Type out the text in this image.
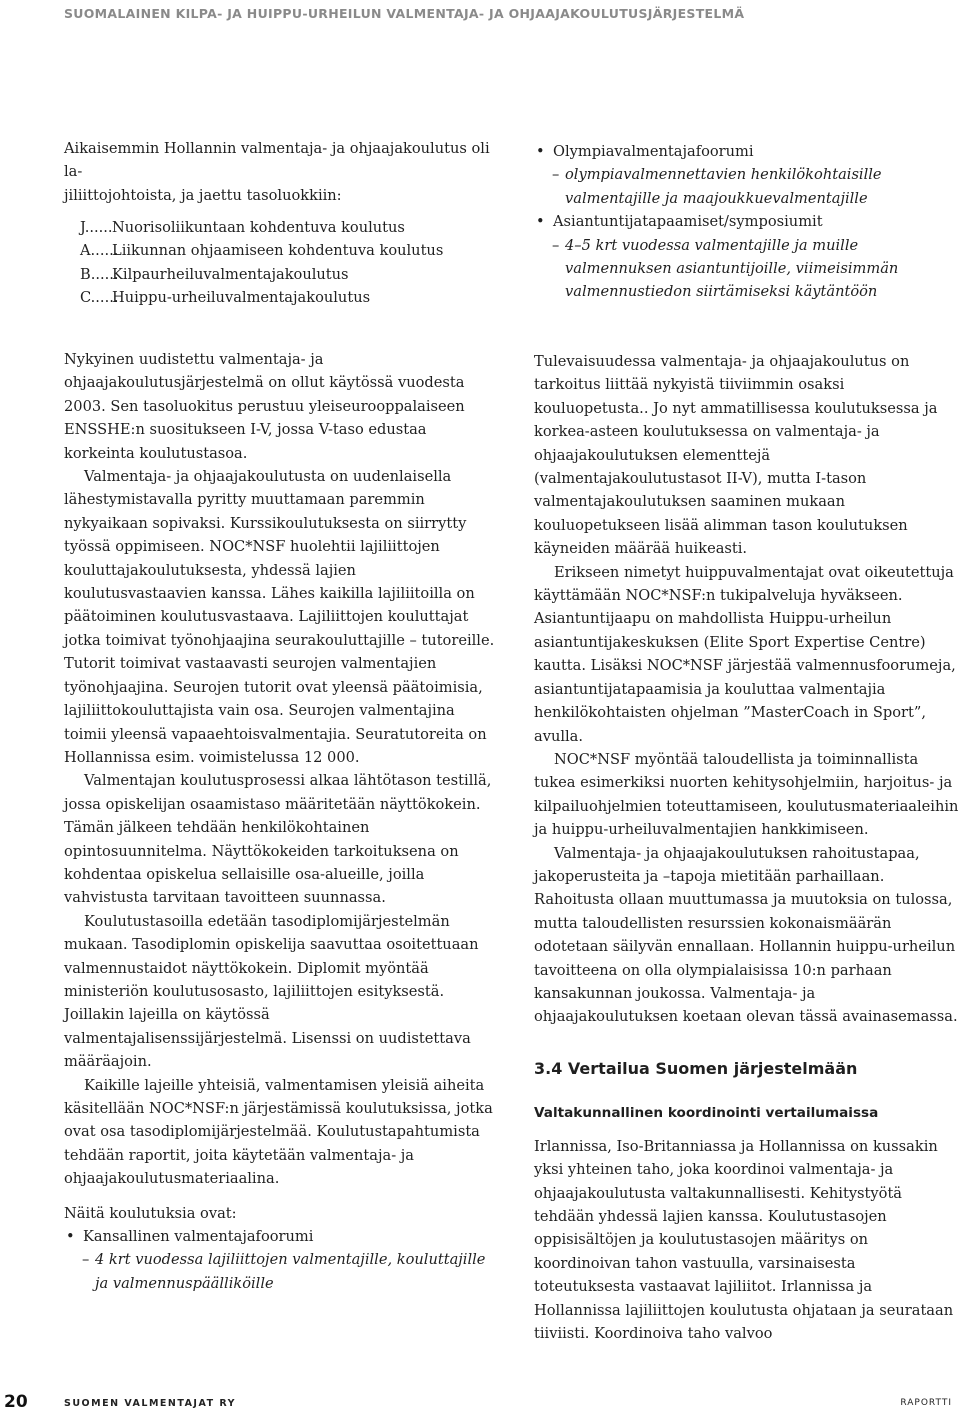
SUOMALAINEN KILPA- JA HUIPPU-URHEILUN VALMENTAJA- JA OHJAAJAKOULUTUSJÄRJESTELMÄ

Aikaisemmin Hollannin valmentaja- ja ohjaajakoulutus oli la-

jiliittojohtoista, ja jaettu tasoluokkiin:

J...... Nuorisoliikuntaan kohdentuva koulutus
A......
Liikunnan ohjaamiseen kohdentuva koulutus
B......
Kilpaurheiluvalmentajakoulutus
C......
Huippu-urheiluvalmentajakoulutus

Nykyinen uudistettu valmentaja- ja ohjaajakoulutusjärjestelmä on ollut käytössä vuodesta 2003. Sen tasoluokitus perustuu yleiseurooppalaiseen ENSSHE:n suositukseen I-V, jossa V-taso edustaa korkeinta koulutustasoa.

Valmentaja- ja ohjaajakoulutusta on uudenlaisella lähestymistavalla pyritty muuttamaan paremmin nykyaikaan sopivaksi. Kurssikoulutuksesta on siirrytty työssä oppimiseen. NOC*NSF huolehtii lajiliittojen kouluttajakoulutuksesta, yhdessä lajien koulutusvastaavien kanssa. Lähes kaikilla lajiliitoilla on päätoiminen koulutusvastaava. Lajiliittojen kouluttajat jotka toimivat työnohjaajina seurakouluttajille – tutoreille. Tutorit toimivat vastaavasti seurojen valmentajien työnohjaajina. Seurojen tutorit ovat yleensä päätoimisia, lajiliittokouluttajista vain osa. Seurojen valmentajina toimii yleensä vapaaehtoisvalmentajia. Seuratutoreita on Hollannissa esim. voimistelussa 12 000.

Valmentajan koulutusprosessi alkaa lähtötason testillä, jossa opiskelijan osaamistaso määritetään näyttökokein. Tämän jälkeen tehdään henkilökohtainen opintosuunnitelma. Näyttökokeiden tarkoituksena on kohdentaa opiskelua sellaisille osa-alueille, joilla vahvistusta tarvitaan tavoitteen suunnassa.

Koulutustasoilla edetään tasodiplomijärjestelmän mukaan. Tasodiplomin opiskelija saavuttaa osoitettuaan valmennustaidot näyttökokein. Diplomit myöntää ministeriön koulutusosasto, lajiliittojen esityksestä. Joillakin lajeilla on käytössä valmentajalisenssijärjestelmä. Lisenssi on uudistettava määräajoin.

Kaikille lajeille yhteisiä, valmentamisen yleisiä aiheita käsitellään NOC*NSF:n järjestämissä koulutuksissa, jotka ovat osa tasodiplomijärjestelmää. Koulutustapahtumista tehdään raportit, joita käytetään valmentaja- ja ohjaajakoulutusmateriaalina.

Näitä koulutuksia ovat:

• Kansallinen valmentajafoorumi

– 4 krt vuodessa lajiliittojen valmentajille, kouluttajille ja valmennuspäälliköille

• Olympiavalmentajafoorumi

– olympiavalmennettavien henkilökohtaisille valmentajille ja maajoukkuevalmentajille

• Asiantuntijatapaamiset/symposiumit

– 4–5 krt vuodessa valmentajille ja muille valmennuksen asiantuntijoille, viimeisimmän valmennustiedon siirtämiseksi käytäntöön

Tulevaisuudessa valmentaja- ja ohjaajakoulutus on tarkoitus liittää nykyistä tiiviimmin osaksi kouluopetusta.. Jo nyt ammatillisessa koulutuksessa ja korkea-asteen koulutuksessa on valmentaja- ja ohjaajakoulutuksen elementtejä (valmentajakoulutustasot II-V), mutta I-tason valmentajakoulutuksen saaminen mukaan kouluopetukseen lisää alimman tason koulutuksen käyneiden määrää huikeasti.

Erikseen nimetyt huippuvalmentajat ovat oikeutettuja käyttämään NOC*NSF:n tukipalveluja hyväkseen. Asiantuntijaapu on mahdollista Huippu-urheilun asiantuntijakeskuksen (Elite Sport Expertise Centre) kautta. Lisäksi NOC*NSF järjestää valmennusfoorumeja, asiantuntijatapaamisia ja kouluttaa valmentajia henkilökohtaisten ohjelman ”MasterCoach in Sport”, avulla.

NOC*NSF myöntää taloudellista ja toiminnallista tukea esimerkiksi nuorten kehitysohjelmiin, harjoitus- ja kilpailuohjelmien toteuttamiseen, koulutusmateriaaleihin ja huippu-urheiluvalmentajien hankkimiseen.

Valmentaja- ja ohjaajakoulutuksen rahoitustapaa, jakoperusteita ja –tapoja mietitään parhaillaan. Rahoitusta ollaan muuttumassa ja muutoksia on tulossa, mutta taloudellisten resurssien kokonaismäärän odotetaan säilyvän ennallaan. Hollannin huippu-urheilun tavoitteena on olla olympialaisissa 10:n parhaan kansakunnan joukossa. Valmentaja- ja ohjaajakoulutuksen koetaan olevan tässä avainasemassa.

3.4 Vertailua Suomen järjestelmään

Valtakunnallinen koordinointi vertailumaissa

Irlannissa, Iso-Britanniassa ja Hollannissa on kussakin yksi yhteinen taho, joka koordinoi valmentaja- ja ohjaajakoulutusta valtakunnallisesti. Kehitystyötä tehdään yhdessä lajien kanssa. Koulutustasojen oppisisältöjen ja koulutustasojen määritys on koordinoivan tahon vastuulla, varsinaisesta toteutuksesta vastaavat lajiliitot. Irlannissa ja Hollannissa lajiliittojen koulutusta ohjataan ja seurataan tiiviisti. Koordinoiva taho valvoo

20	SUOMEN VALMENTAJAT RY	RAPORTTI
